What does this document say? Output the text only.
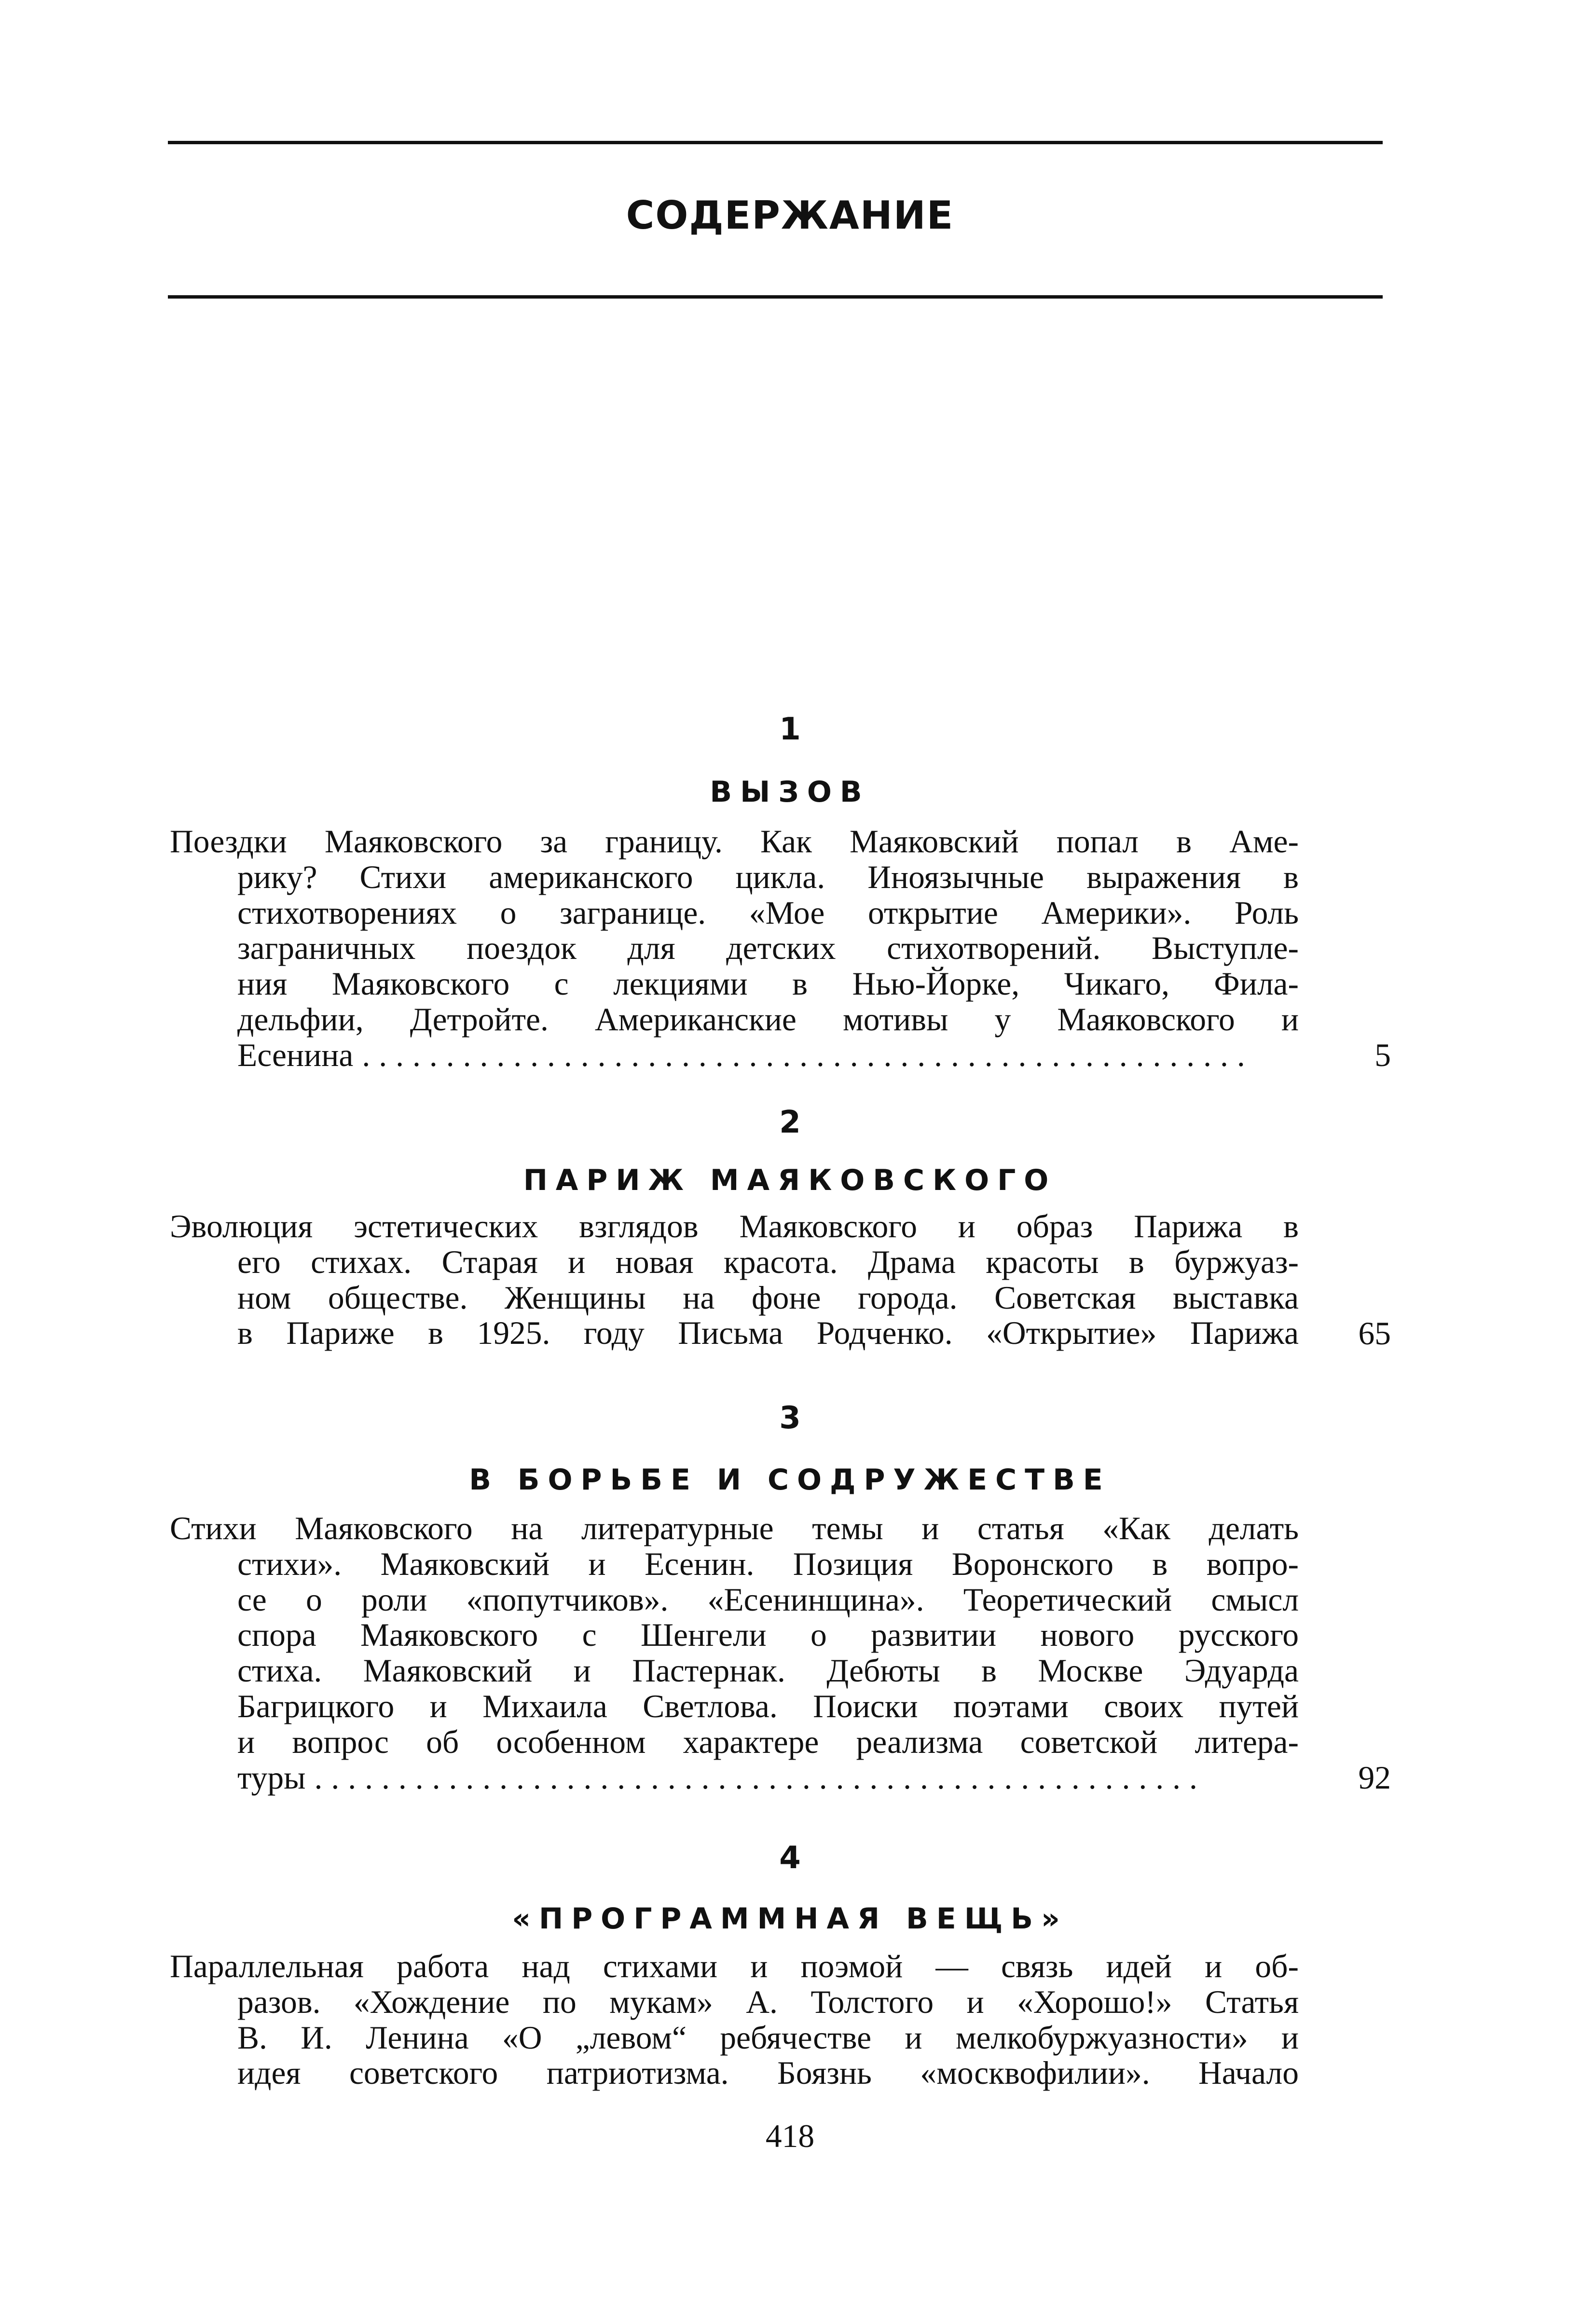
СОДЕРЖАНИЕ
1
ВЫЗОВ
Поездки Маяковского за границу. Как Маяковский попал в Аме-
рику? Стихи американского цикла. Иноязычные выражения в
стихотворениях о загранице. «Мое открытие Америки». Роль
заграничных поездок для детских стихотворений. Выступле-
ния Маяковского с лекциями в Нью-Йорке, Чикаго, Фила-
дельфии, Детройте. Американские мотивы у Маяковского и
Есенина .....................................................	5
2
ПАРИЖ МАЯКОВСКОГО
Эволюция эстетических взглядов Маяковского и образ Парижа в
его стихах. Старая и новая красота. Драма красоты в буржуаз-
ном обществе. Женщины на фоне города. Советская выставка
в Париже в 1925. году Письма Родченко. «Открытие» Парижа 65
3
В БОРЬБЕ И СОДРУЖЕСТВЕ
Стихи Маяковского на литературные темы и статья «Как делать
стихи». Маяковский и Есенин. Позиция Воронского в вопро-
се о роли «попутчиков». «Есенинщина». Теоретический смысл
спора Маяковского с Шенгели о развитии нового русского
стиха. Маяковский и Пастернак. Дебюты в Москве Эдуарда
Багрицкого и Михаила Светлова. Поиски поэтами своих путей
и вопрос об особенном характере реализма советской литера-
туры .....................................................	92
4
«ПРОГРАММНАЯ ВЕЩЬ»
Параллельная работа над стихами и поэмой — связь идей и об-
разов. «Хождение по мукам» А. Толстого и «Хорошо!» Статья
В. И. Ленина «О „левом“ ребячестве и мелкобуржуазности» и
идея советского патриотизма. Боязнь «москвофилии». Начало
418
